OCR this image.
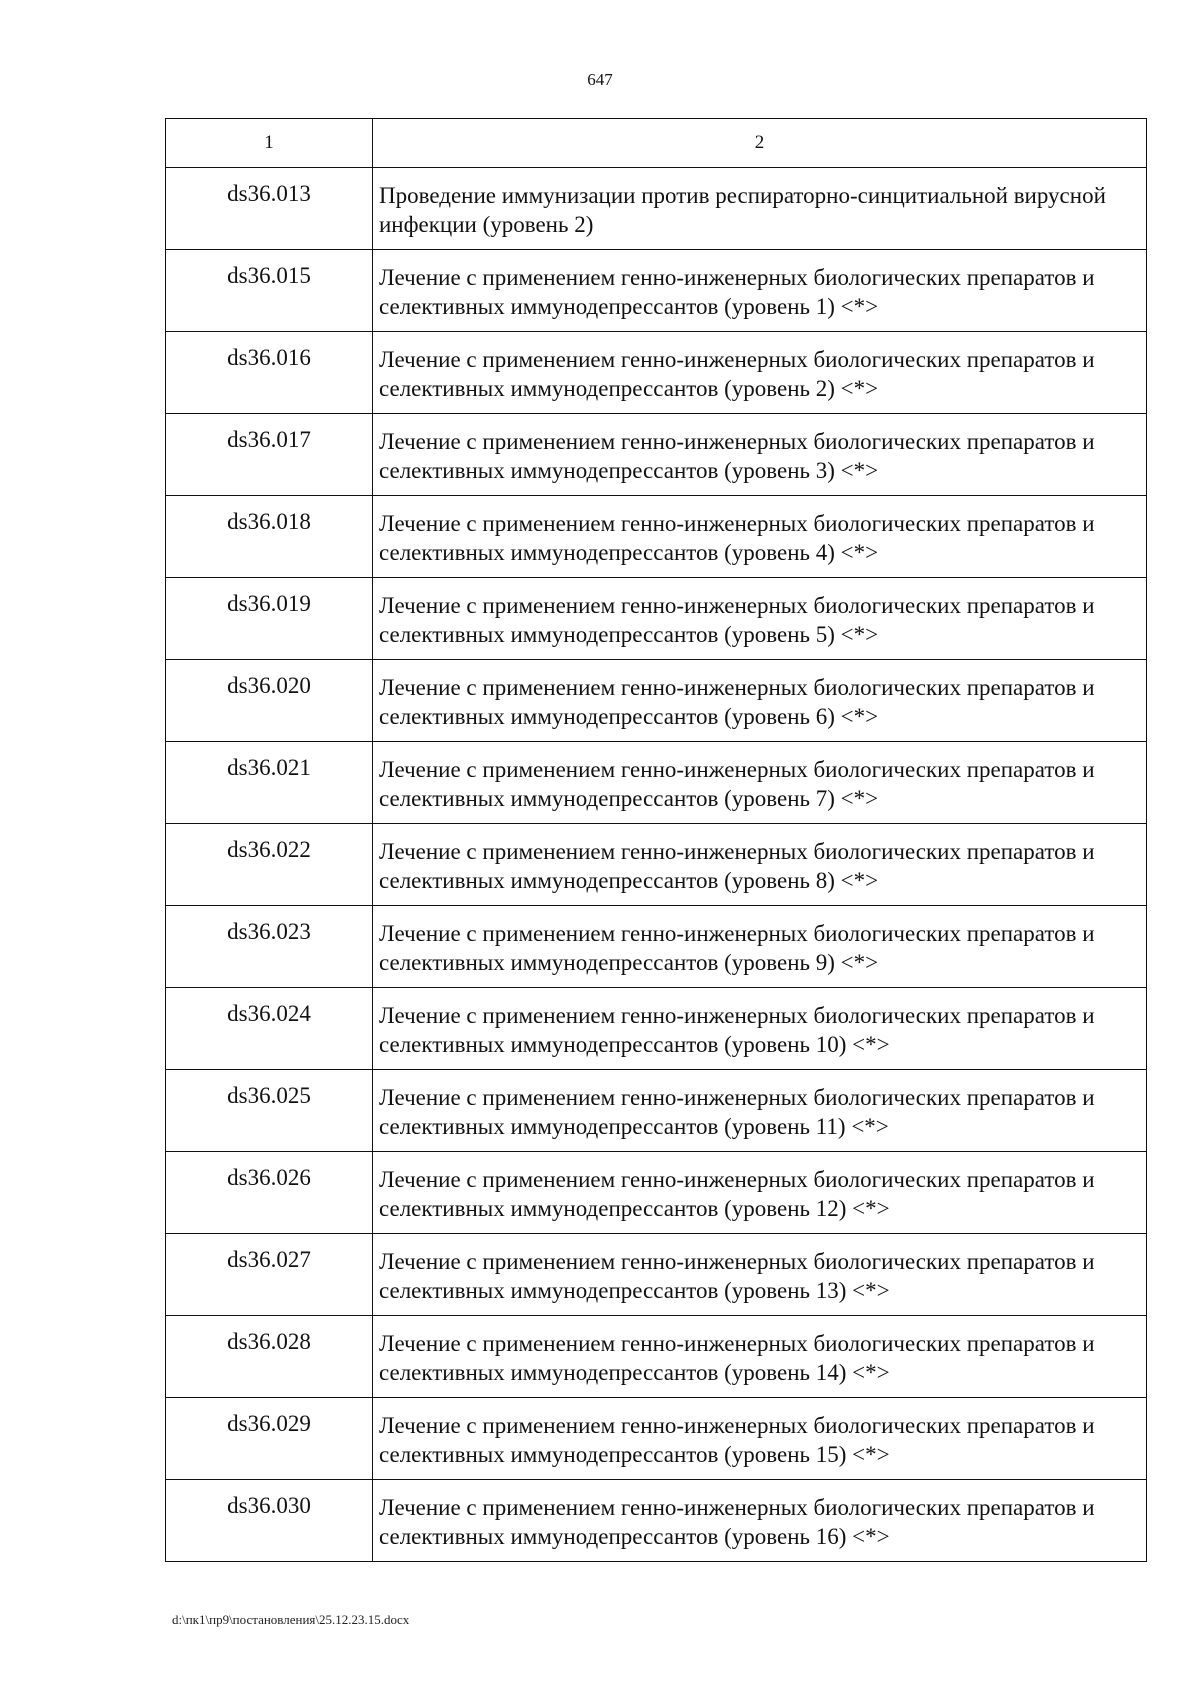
647
1	2
ds36.013	Проведение иммунизации против респираторно-синцитиальной вирусной инфекции (уровень 2)
ds36.015	Лечение с применением генно-инженерных биологических препаратов и селективных иммунодепрессантов (уровень 1) <*>
ds36.016	Лечение с применением генно-инженерных биологических препаратов и селективных иммунодепрессантов (уровень 2) <*>
ds36.017	Лечение с применением генно-инженерных биологических препаратов и селективных иммунодепрессантов (уровень 3) <*>
ds36.018	Лечение с применением генно-инженерных биологических препаратов и селективных иммунодепрессантов (уровень 4) <*>
ds36.019	Лечение с применением генно-инженерных биологических препаратов и селективных иммунодепрессантов (уровень 5) <*>
ds36.020	Лечение с применением генно-инженерных биологических препаратов и селективных иммунодепрессантов (уровень 6) <*>
ds36.021	Лечение с применением генно-инженерных биологических препаратов и селективных иммунодепрессантов (уровень 7) <*>
ds36.022	Лечение с применением генно-инженерных биологических препаратов и селективных иммунодепрессантов (уровень 8) <*>
ds36.023	Лечение с применением генно-инженерных биологических препаратов и селективных иммунодепрессантов (уровень 9) <*>
ds36.024	Лечение с применением генно-инженерных биологических препаратов и селективных иммунодепрессантов (уровень 10) <*>
ds36.025	Лечение с применением генно-инженерных биологических препаратов и селективных иммунодепрессантов (уровень 11) <*>
ds36.026	Лечение с применением генно-инженерных биологических препаратов и селективных иммунодепрессантов (уровень 12) <*>
ds36.027	Лечение с применением генно-инженерных биологических препаратов и селективных иммунодепрессантов (уровень 13) <*>
ds36.028	Лечение с применением генно-инженерных биологических препаратов и селективных иммунодепрессантов (уровень 14) <*>
ds36.029	Лечение с применением генно-инженерных биологических препаратов и селективных иммунодепрессантов (уровень 15) <*>
ds36.030	Лечение с применением генно-инженерных биологических препаратов и селективных иммунодепрессантов (уровень 16) <*>
d:\пк1\пр9\постановления\25.12.23.15.docx
